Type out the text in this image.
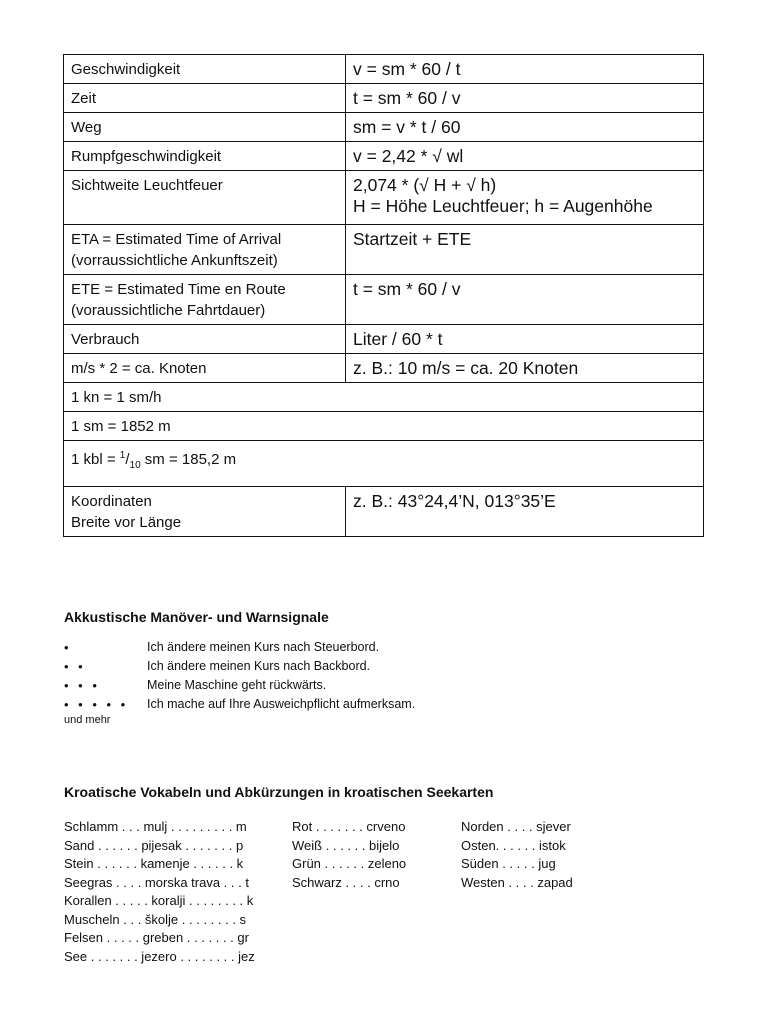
Geschwindigkeit	v = sm * 60 / t
Zeit	t = sm * 60 / v
Weg	sm = v * t / 60
Rumpfgeschwindigkeit	v = 2,42 * √ wl
Sichtweite Leuchtfeuer	2,074 * (√ H + √ h)
H = Höhe Leuchtfeuer; h = Augenhöhe

ETA = Estimated Time of Arrival
(vorraussichtliche Ankunftszeit)	Startzeit + ETE

ETE = Estimated Time en Route
(voraussichtliche Fahrtdauer)	t = sm * 60 / v
Verbrauch	Liter / 60 * t
m/s * 2 = ca. Knoten	z. B.: 10 m/s = ca. 20 Knoten
1 kn = 1 sm/h	
1 sm = 1852 m	
1 kbl = $^1/_{10}$ sm = 185,2 m	

Koordinaten
Breite vor Länge	z. B.: 43°24,4’N, 013°35’E
Akkustische Manöver- und Warnsignale
•	Ich ändere meinen Kurs nach Steuerbord.
• •	Ich ändere meinen Kurs nach Backbord.
• • •	Meine Maschine geht rückwärts.
• • • • • Ich mache auf Ihre Ausweichpflicht aufmerksam.
und mehr
Kroatische Vokabeln und Abkürzungen in kroatischen Seekarten
Schlamm . . . mulj . . . . . . . . . m
Sand . . . . . . pijesak . . . . . . . p
Stein . . . . . . kamenje . . . . . . k
Seegras . . . . morska trava . . . t
Korallen . . . . . koralji . . . . . . . . k
Muscheln . . . školje . . . . . . . . s
Felsen . . . . . greben . . . . . . . gr
See . . . . . . . jezero . . . . . . . . jez
Rot . . . . . . . crveno
Weiß . . . . . . bijelo
Grün . . . . . . zeleno
Schwarz . . . . crno
Norden . . . . sjever
Osten. . . . . . istok
Süden . . . . . jug
Westen . . . . zapad
